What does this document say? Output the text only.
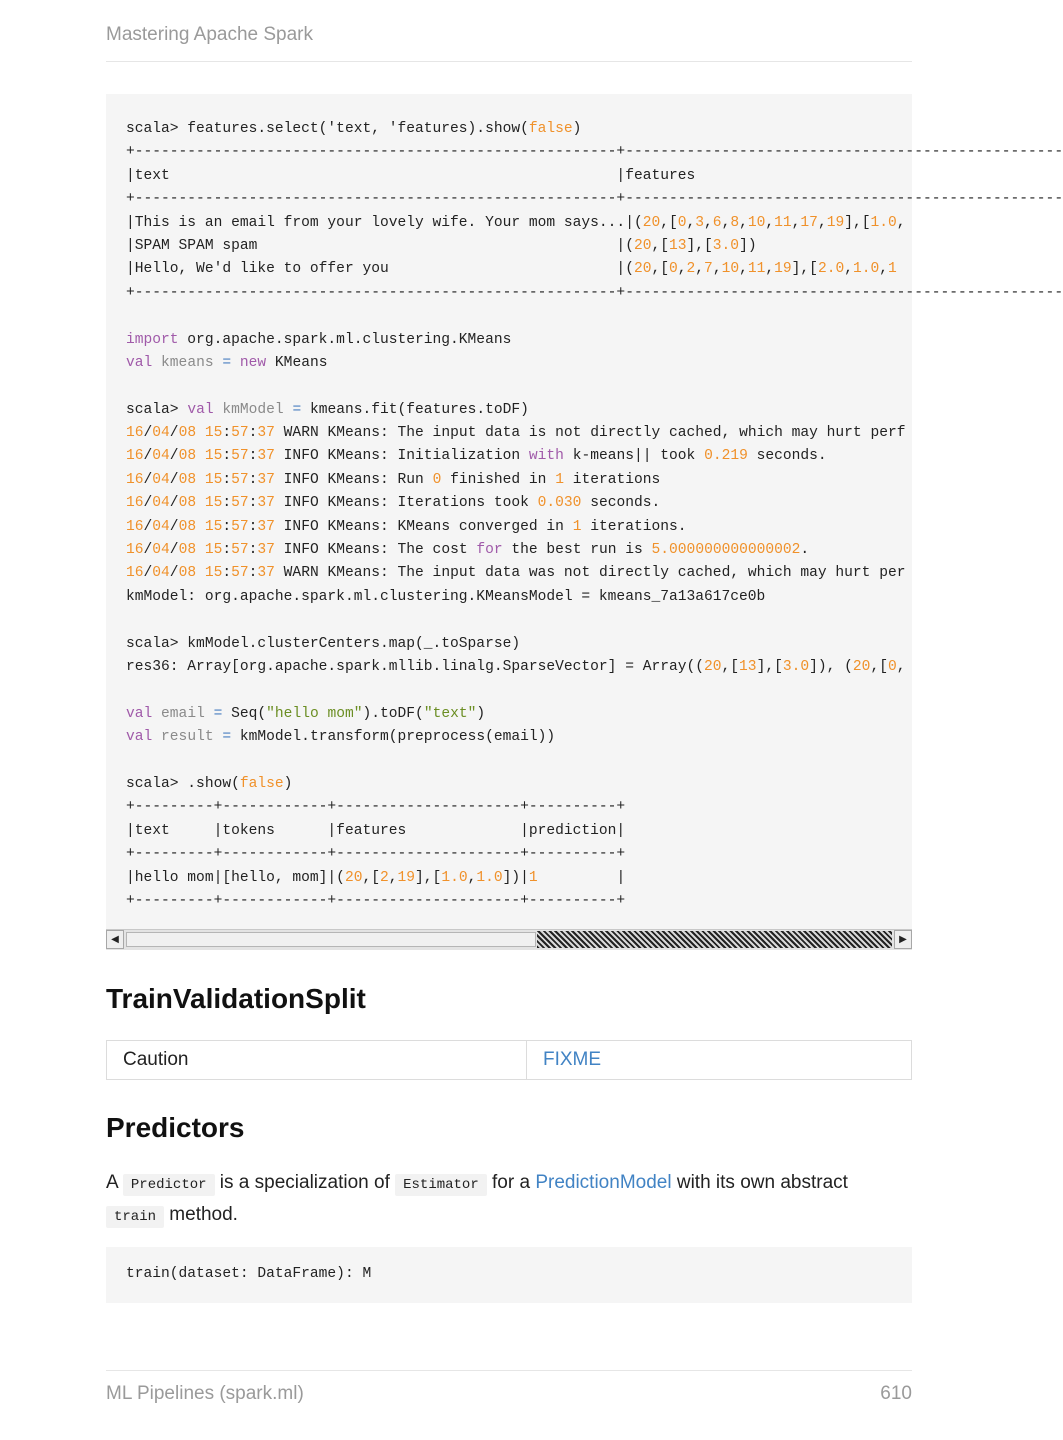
Mastering Apache Spark
scala> features.select('text, 'features).show(false)
+-------------------------------------------------------+--------------------------------------------------
|text                                                   |features
+-------------------------------------------------------+--------------------------------------------------
|This is an email from your lovely wife. Your mom says...|(20,[0,3,6,8,10,11,17,19],[1.0,
|SPAM SPAM spam                                         |(20,[13],[3.0])
|Hello, We'd like to offer you                          |(20,[0,2,7,10,11,19],[2.0,1.0,1
+-------------------------------------------------------+--------------------------------------------------

import org.apache.spark.ml.clustering.KMeans
val kmeans = new KMeans

scala> val kmModel = kmeans.fit(features.toDF)
16/04/08 15:57:37 WARN KMeans: The input data is not directly cached, which may hurt perf
16/04/08 15:57:37 INFO KMeans: Initialization with k-means|| took 0.219 seconds.
16/04/08 15:57:37 INFO KMeans: Run 0 finished in 1 iterations
16/04/08 15:57:37 INFO KMeans: Iterations took 0.030 seconds.
16/04/08 15:57:37 INFO KMeans: KMeans converged in 1 iterations.
16/04/08 15:57:37 INFO KMeans: The cost for the best run is 5.000000000000002.
16/04/08 15:57:37 WARN KMeans: The input data was not directly cached, which may hurt per
kmModel: org.apache.spark.ml.clustering.KMeansModel = kmeans_7a13a617ce0b

scala> kmModel.clusterCenters.map(_.toSparse)
res36: Array[org.apache.spark.mllib.linalg.SparseVector] = Array((20,[13],[3.0]), (20,[0,

val email = Seq("hello mom").toDF("text")
val result = kmModel.transform(preprocess(email))

scala> .show(false)
+---------+------------+---------------------+----------+
|text     |tokens      |features             |prediction|
+---------+------------+---------------------+----------+
|hello mom|[hello, mom]|(20,[2,19],[1.0,1.0])|1         |
+---------+------------+---------------------+----------+
◀	▶
TrainValidationSplit
Caution	FIXME
Predictors
A Predictor is a specialization of Estimator for a PredictionModel with its own abstract
train method.
train(dataset: DataFrame): M
ML Pipelines (spark.ml)	610
